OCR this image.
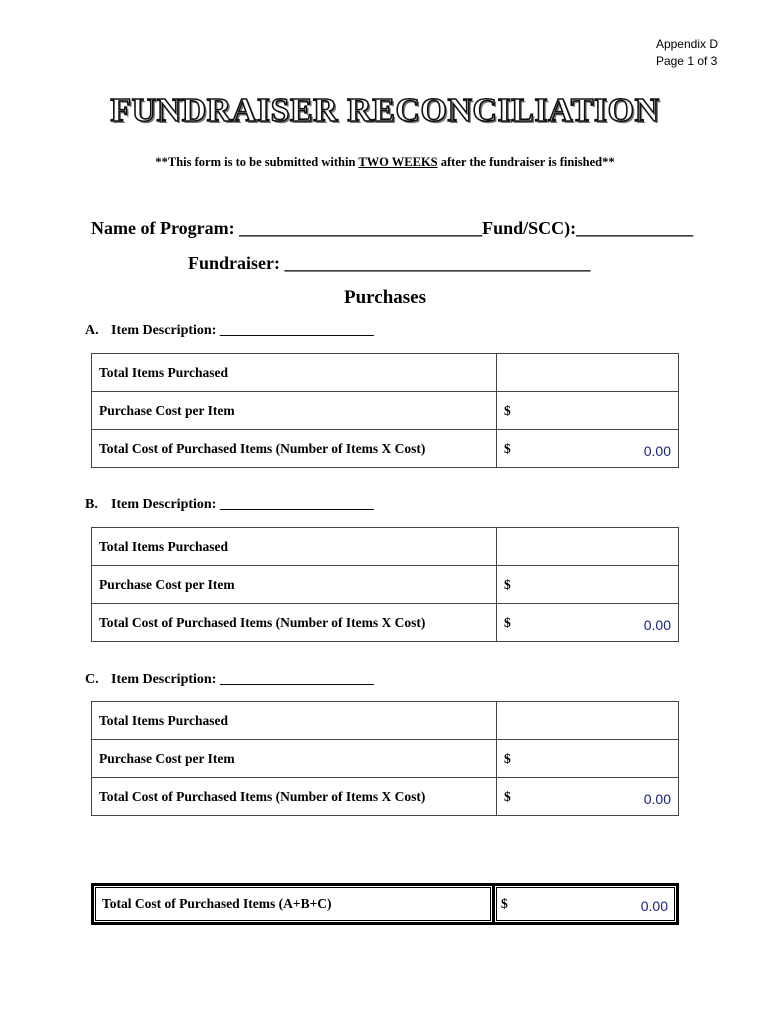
Appendix D
Page 1 of 3
FUNDRAISER RECONCILIATION
**This form is to be submitted within TWO WEEKS after the fundraiser is finished**
Name of Program: ___________________________Fund/SCC):_____________
Fundraiser: __________________________________
Purchases
A. Item Description: ______________________
Total Items Purchased	

Purchase Cost per Item	$

Total Cost of Purchased Items (Number of Items X Cost)	$ 0.00
B. Item Description: ______________________
Total Items Purchased	

Purchase Cost per Item	$

Total Cost of Purchased Items (Number of Items X Cost)	$ 0.00
C. Item Description: ______________________
Total Items Purchased	

Purchase Cost per Item	$

Total Cost of Purchased Items (Number of Items X Cost)	$ 0.00
Total Cost of Purchased Items (A+B+C)	$	0.00
